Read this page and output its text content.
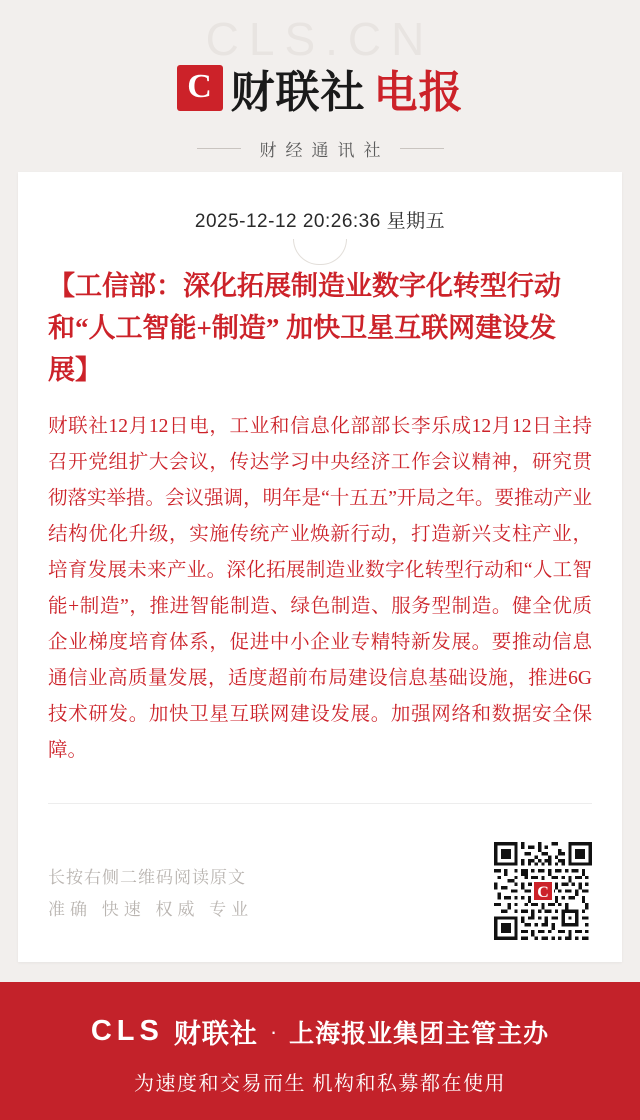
CLS.CN
C 财联社 电报
财经通讯社
2025-12-12 20:26:36 星期五
【工信部：深化拓展制造业数字化转型行动和“人工智能+制造” 加快卫星互联网建设发展】
财联社12月12日电，工业和信息化部部长李乐成12月12日主持召开党组扩大会议，传达学习中央经济工作会议精神，研究贯彻落实举措。会议强调，明年是“十五五”开局之年。要推动产业结构优化升级，实施传统产业焕新行动，打造新兴支柱产业，培育发展未来产业。深化拓展制造业数字化转型行动和“人工智能+制造”，推进智能制造、绿色制造、服务型制造。健全优质企业梯度培育体系，促进中小企业专精特新发展。要推动信息通信业高质量发展，适度超前布局建设信息基础设施，推进6G技术研发。加快卫星互联网建设发展。加强网络和数据安全保障。
长按右侧二维码阅读原文
准确 快速 权威 专业
C
CLS 财联社 · 上海报业集团主管主办
为速度和交易而生 机构和私募都在使用
